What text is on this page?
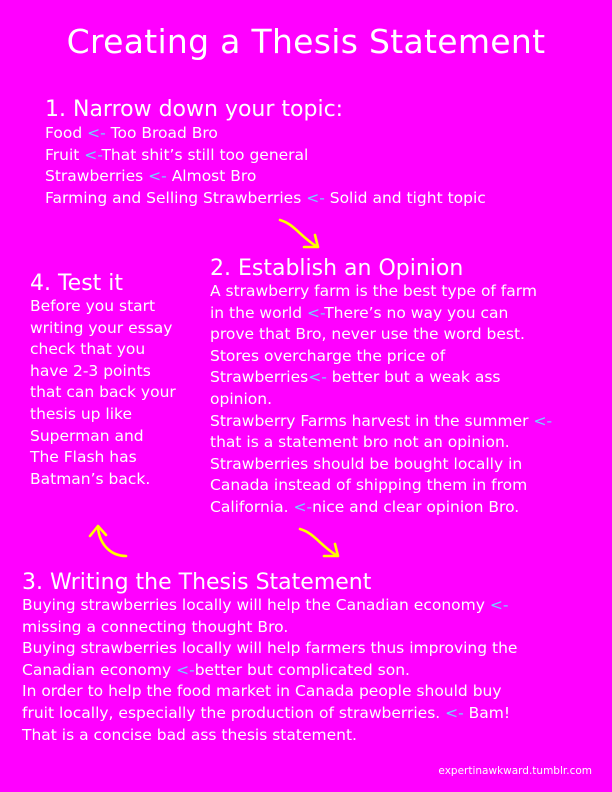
Creating a Thesis Statement
1. Narrow down your topic:
Food <- Too Broad Bro
Fruit <-That shit’s still too general
Strawberries <- Almost Bro
Farming and Selling Strawberries <- Solid and tight topic
2. Establish an Opinion
A strawberry farm is the best type of farm
in the world <-There’s no way you can
prove that Bro, never use the word best.
Stores overcharge the price of
Strawberries<- better but a weak ass
opinion.
Strawberry Farms harvest in the summer <-
that is a statement bro not an opinion.
Strawberries should be bought locally in
Canada instead of shipping them in from
California. <-nice and clear opinion Bro.
4. Test it
Before you start
writing your essay
check that you
have 2-3 points
that can back your
thesis up like
Superman and
The Flash has
Batman’s back.
3. Writing the Thesis Statement
Buying strawberries locally will help the Canadian economy <-
missing a connecting thought Bro.
Buying strawberries locally will help farmers thus improving the
Canadian economy <-better but complicated son.
In order to help the food market in Canada people should buy
fruit locally, especially the production of strawberries. <- Bam!
That is a concise bad ass thesis statement.
expertinawkward.tumblr.com
